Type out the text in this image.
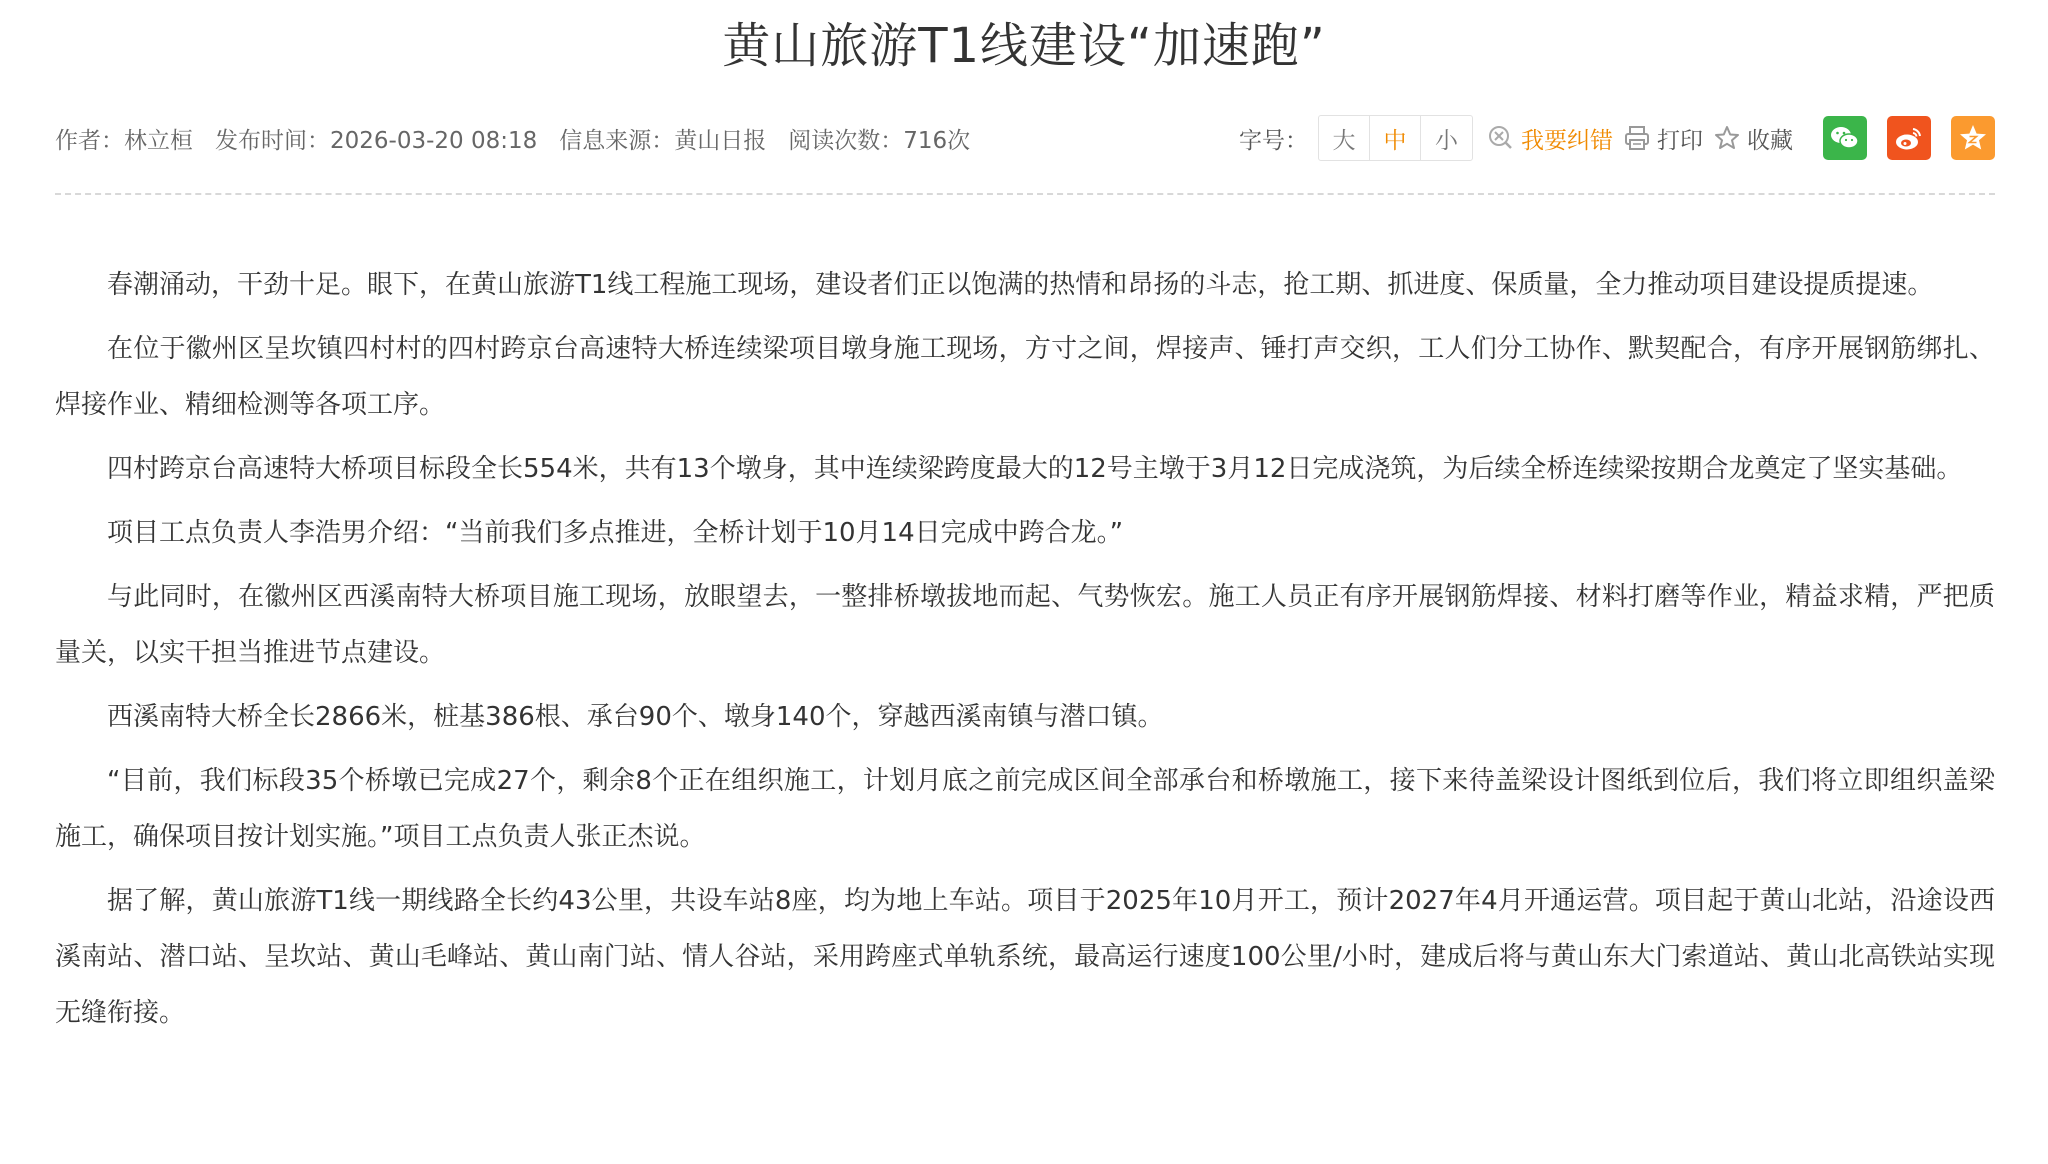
黄山旅游T1线建设“加速跑”
作者：林立桓 发布时间：2026-03-20 08:18 信息来源：黄山日报 阅读次数：716次	字号：	大	中	小	我要纠错 打印 收藏

春潮涌动，干劲十足。眼下，在黄山旅游T1线工程施工现场，建设者们正以饱满的热情和昂扬的斗志，抢工期、抓进度、保质量，全力推动项目建设提质提速。

在位于徽州区呈坎镇四村村的四村跨京台高速特大桥连续梁项目墩身施工现场，方寸之间，焊接声、锤打声交织，工人们分工协作、默契配合，有序开展钢筋绑扎、焊接作业、精细检测等各项工序。

四村跨京台高速特大桥项目标段全长554米，共有13个墩身，其中连续梁跨度最大的12号主墩于3月12日完成浇筑，为后续全桥连续梁按期合龙奠定了坚实基础。

项目工点负责人李浩男介绍：“当前我们多点推进，全桥计划于10月14日完成中跨合龙。”

与此同时，在徽州区西溪南特大桥项目施工现场，放眼望去，一整排桥墩拔地而起、气势恢宏。施工人员正有序开展钢筋焊接、材料打磨等作业，精益求精，严把质量关，以实干担当推进节点建设。

西溪南特大桥全长2866米，桩基386根、承台90个、墩身140个，穿越西溪南镇与潜口镇。

“目前，我们标段35个桥墩已完成27个，剩余8个正在组织施工，计划月底之前完成区间全部承台和桥墩施工，接下来待盖梁设计图纸到位后，我们将立即组织盖梁施工，确保项目按计划实施。”项目工点负责人张正杰说。

据了解，黄山旅游T1线一期线路全长约43公里，共设车站8座，均为地上车站。项目于2025年10月开工，预计2027年4月开通运营。项目起于黄山北站，沿途设西溪南站、潜口站、呈坎站、黄山毛峰站、黄山南门站、情人谷站，采用跨座式单轨系统，最高运行速度100公里/小时，建成后将与黄山东大门索道站、黄山北高铁站实现无缝衔接。
